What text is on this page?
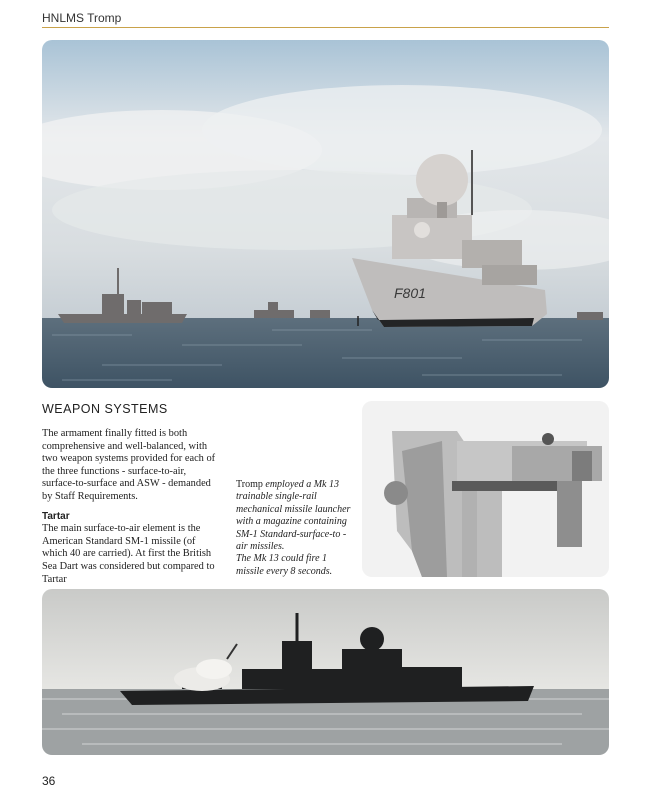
HNLMS Tromp
F801
WEAPON SYSTEMS

The armament finally fitted is both comprehensive and well-balanced, with two weapon systems provided for each of the three functions - surface-to-air, surface-to-surface and ASW - demanded by Staff Requirements.

Tartar

The main surface-to-air element is the American Standard SM-1 missile (of which 40 are carried). At first the British Sea Dart was considered but compared to Tartar

Tromp employed a Mk 13 trainable single-rail mechanical missile launcher with a magazine containing SM-1 Standard-surface-to -air missiles.

The Mk 13 could fire 1 missile every 8 seconds.

36
